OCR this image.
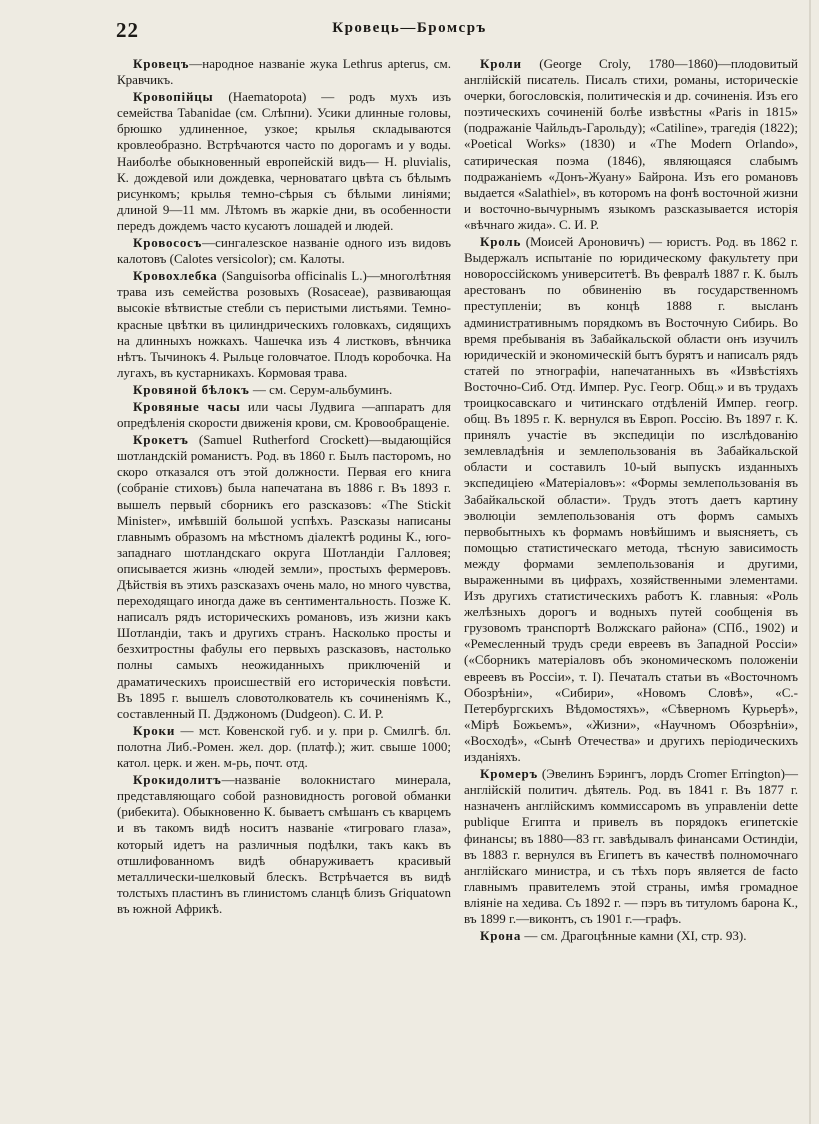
22	Кровець—Бромсръ

Кровецъ—народное названіе жука Lethrus apterus, см. Кравчикъ.

Кровопійцы (Haematopota) — родъ мухъ изъ семейства Tabanidae (см. Слѣпни). Усики длинные головы, брюшко удлиненное, узкое; крылья складываются кровлеобразно. Встрѣчаются часто по дорогамъ и у воды. Наиболѣе обыкновенный европейскій видъ— H. pluvialis, К. дождевой или дождевка, черноватаго цвѣта съ бѣлымъ рисункомъ; крылья темно-сѣрыя съ бѣлыми линіями; длиной 9—11 мм. Лѣтомъ въ жаркіе дни, въ особенности передъ дождемъ часто кусаютъ лошадей и людей.

Кровососъ—сингалезское названіе одного изъ видовъ калотовъ (Calotes versicolor); см. Калоты.

Кровохлебка (Sanguisorba officinalis L.)—многолѣтняя трава изъ семейства розовыхъ (Rosaceae), развивающая высокіе вѣтвистые стебли съ перистыми листьями. Темно-красные цвѣтки въ цилиндрическихъ головкахъ, сидящихъ на длинныхъ ножкахъ. Чашечка изъ 4 листковъ, вѣнчика нѣтъ. Тычинокъ 4. Рыльце головчатое. Плодъ коробочка. На лугахъ, въ кустарникахъ. Кормовая трава.

Кровяной бѣлокъ — см. Серум-альбуминъ.

Кровяные часы или часы Лудвига —аппаратъ для опредѣленія скорости движенія крови, см. Кровообращеніе.

Крокетъ (Samuel Rutherford Crockett)—выдающійся шотландскій романистъ. Род. въ 1860 г. Былъ пасторомъ, но скоро отказался отъ этой должности. Первая его книга (собраніе стиховъ) была напечатана въ 1886 г. Въ 1893 г. вышелъ первый сборникъ его разсказовъ: «The Stickit Minister», имѣвшій большой успѣхъ. Разсказы написаны главнымъ образомъ на мѣстномъ діалектѣ родины К., юго-западнаго шотландскаго округа Шотландіи Галловея; описывается жизнь «людей земли», простыхъ фермеровъ. Дѣйствія въ этихъ разсказахъ очень мало, но много чувства, переходящаго иногда даже въ сентиментальность. Позже К. написалъ рядъ историческихъ романовъ, изъ жизни какъ Шотландіи, такъ и другихъ странъ. Насколько просты и безхитростны фабулы его первыхъ разсказовъ, настолько полны самыхъ неожиданныхъ приключеній и драматическихъ происшествій его историческія повѣсти. Въ 1895 г. вышелъ словотолкователь къ сочиненіямъ К., составленный П. Дэджономъ (Dudgeon). С. И. Р.

Кроки — мст. Ковенской губ. и у. при р. Смилгѣ. бл. полотна Либ.-Ромен. жел. дор. (платф.); жит. свыше 1000; катол. церк. и жен. м-рь, почт. отд.

Крокидолитъ—названіе волокнистаго минерала, представляющаго собой разновидность роговой обманки (рибекита). Обыкновенно К. бываетъ смѣшанъ съ кварцемъ и въ такомъ видѣ носитъ названіе «тигроваго глаза», который идетъ на различныя подѣлки, такъ какъ въ отшлифованномъ видѣ обнаруживаетъ красивый металлически-шелковый блескъ. Встрѣчается въ видѣ толстыхъ пластинъ въ глинистомъ сланцѣ близъ Griquatown въ южной Африкѣ.

Кроли (George Croly, 1780—1860)—плодовитый англійскій писатель. Писалъ стихи, романы, историческіе очерки, богословскія, политическія и др. сочиненія. Изъ его поэтическихъ сочиненій болѣе извѣстны «Paris in 1815» (подражаніе Чайльдъ-Гарольду); «Catiline», трагедія (1822); «Poetical Works» (1830) и «The Modern Orlando», сатирическая поэма (1846), являющаяся слабымъ подражаніемъ «Донъ-Жуану» Байрона. Изъ его романовъ выдается «Salathiel», въ которомъ на фонѣ восточной жизни и восточно-вычурнымъ языкомъ разсказывается исторія «вѣчнаго жида». С. И. Р.

Кроль (Моисей Ароновичъ) — юристъ. Род. въ 1862 г. Выдержалъ испытаніе по юридическому факультету при новороссійскомъ университетѣ. Въ февралѣ 1887 г. К. былъ арестованъ по обвиненію въ государственномъ преступленіи; въ концѣ 1888 г. высланъ административнымъ порядкомъ въ Восточную Сибирь. Во время пребыванія въ Забайкальской области онъ изучилъ юридическій и экономическій бытъ бурятъ и написалъ рядъ статей по этнографіи, напечатанныхъ въ «Извѣстіяхъ Восточно-Сиб. Отд. Импер. Рус. Геогр. Общ.» и въ трудахъ троицкосавскаго и читинскаго отдѣленій Импер. геогр. общ. Въ 1895 г. К. вернулся въ Европ. Россію. Въ 1897 г. К. принялъ участіе въ экспедиціи по изслѣдованію землевладѣнія и землепользованія въ Забайкальской области и составилъ 10-ый выпускъ изданныхъ экспедиціею «Матеріаловъ»: «Формы землепользованія въ Забайкальской области». Трудъ этотъ даетъ картину эволюціи землепользованія отъ формъ самыхъ первобытныхъ къ формамъ новѣйшимъ и выясняетъ, съ помощью статистическаго метода, тѣсную зависимость между формами землепользованія и другими, выраженными въ цифрахъ, хозяйственными элементами. Изъ другихъ статистическихъ работъ К. главныя: «Роль желѣзныхъ дорогъ и водныхъ путей сообщенія въ грузовомъ транспортѣ Волжскаго района» (СПб., 1902) и «Ремесленный трудъ среди евреевъ въ Западной Россіи» («Сборникъ матеріаловъ объ экономическомъ положеніи евреевъ въ Россіи», т. I). Печаталъ статьи въ «Восточномъ Обозрѣніи», «Сибири», «Новомъ Словѣ», «С.-Петербургскихъ Вѣдомостяхъ», «Сѣверномъ Курьерѣ», «Мірѣ Божьемъ», «Жизни», «Научномъ Обозрѣніи», «Восходѣ», «Сынѣ Отечества» и другихъ періодическихъ изданіяхъ.

Кромеръ (Эвелинъ Бэрингъ, лордъ Cromer Errington)—англійскій политич. дѣятель. Род. въ 1841 г. Въ 1877 г. назначенъ англійскимъ коммиссаромъ въ управленіи dette publique Египта и привелъ въ порядокъ египетскіе финансы; въ 1880—83 гг. завѣдывалъ финансами Остиндіи, въ 1883 г. вернулся въ Египетъ въ качествѣ полномочнаго англійскаго министра, и съ тѣхъ поръ является de facto главнымъ правителемъ этой страны, имѣя громадное вліяніе на хедива. Съ 1892 г. — пэръ въ титуломъ барона К., въ 1899 г.—виконтъ, съ 1901 г.—графъ.

Крона — см. Драгоцѣнные камни (XI, стр. 93).
